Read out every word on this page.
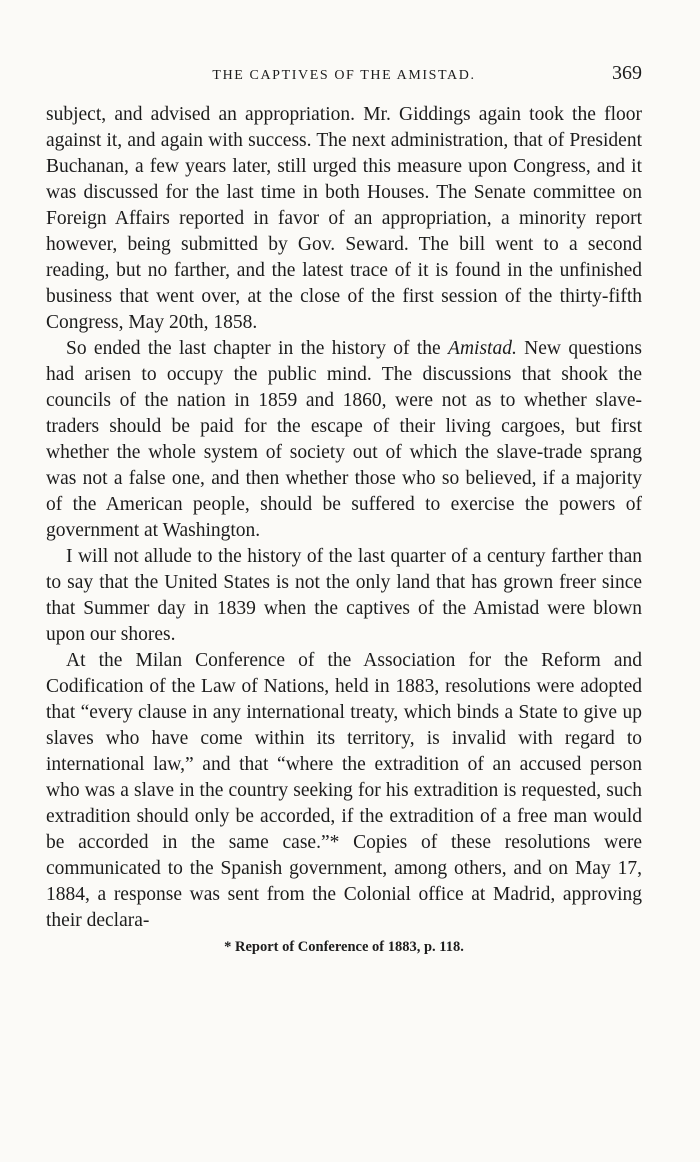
THE CAPTIVES OF THE AMISTAD.	369

subject, and advised an appropriation. Mr. Giddings again took the floor against it, and again with success. The next administration, that of President Buchanan, a few years later, still urged this measure upon Congress, and it was discussed for the last time in both Houses. The Senate committee on Foreign Affairs reported in favor of an appropriation, a minority report however, being submitted by Gov. Seward. The bill went to a second reading, but no farther, and the latest trace of it is found in the unfinished business that went over, at the close of the first session of the thirty-fifth Congress, May 20th, 1858.

So ended the last chapter in the history of the Amistad. New questions had arisen to occupy the public mind. The discussions that shook the councils of the nation in 1859 and 1860, were not as to whether slave-traders should be paid for the escape of their living cargoes, but first whether the whole system of society out of which the slave-trade sprang was not a false one, and then whether those who so believed, if a majority of the American people, should be suffered to exercise the powers of government at Washington.

I will not allude to the history of the last quarter of a century farther than to say that the United States is not the only land that has grown freer since that Summer day in 1839 when the captives of the Amistad were blown upon our shores.

At the Milan Conference of the Association for the Reform and Codification of the Law of Nations, held in 1883, resolutions were adopted that “every clause in any international treaty, which binds a State to give up slaves who have come within its territory, is invalid with regard to international law,” and that “where the extradition of an accused person who was a slave in the country seeking for his extradition is requested, such extradition should only be accorded, if the extradition of a free man would be accorded in the same case.”* Copies of these resolutions were communicated to the Spanish government, among others, and on May 17, 1884, a response was sent from the Colonial office at Madrid, approving their declara-

* Report of Conference of 1883, p. 118.
